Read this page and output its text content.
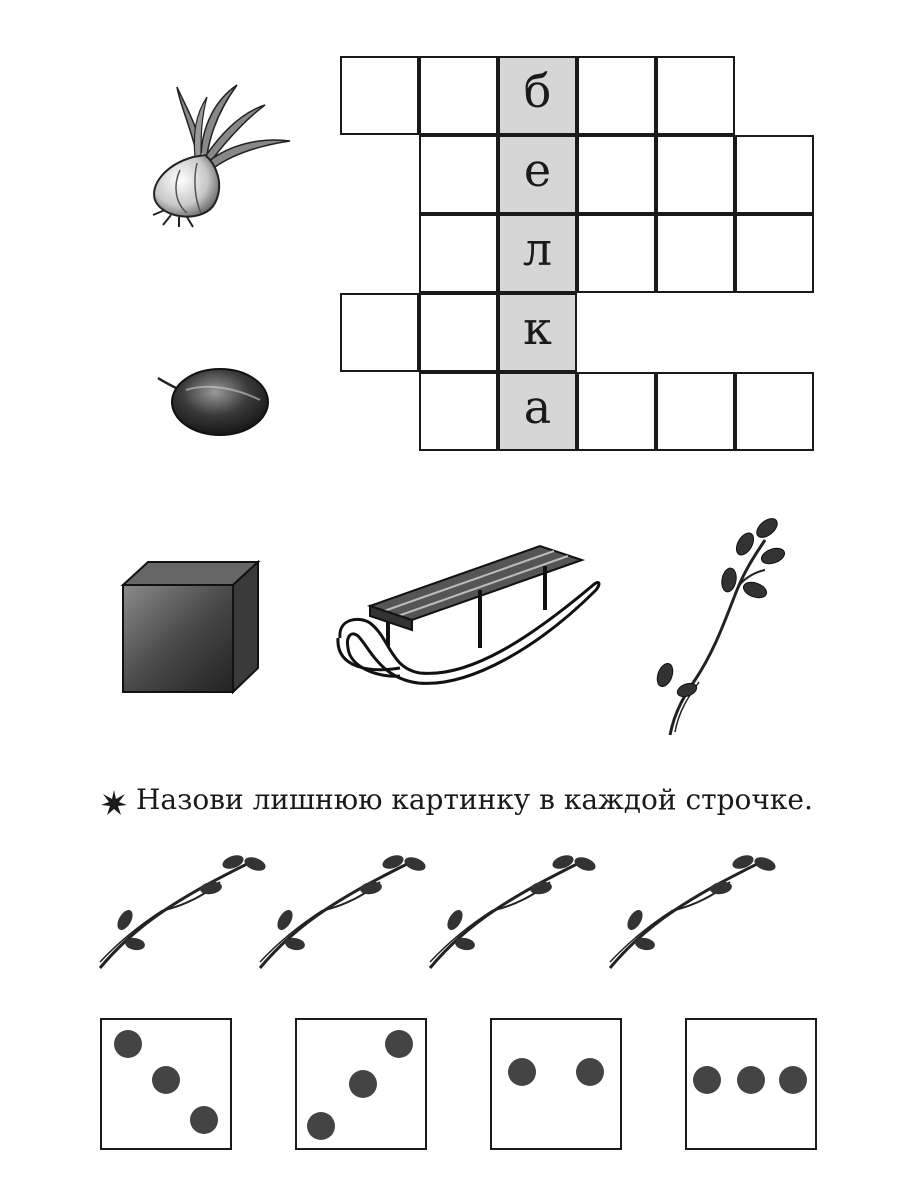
б
е
л
к
а
Назови лишнюю картинку в каждой строчке.
